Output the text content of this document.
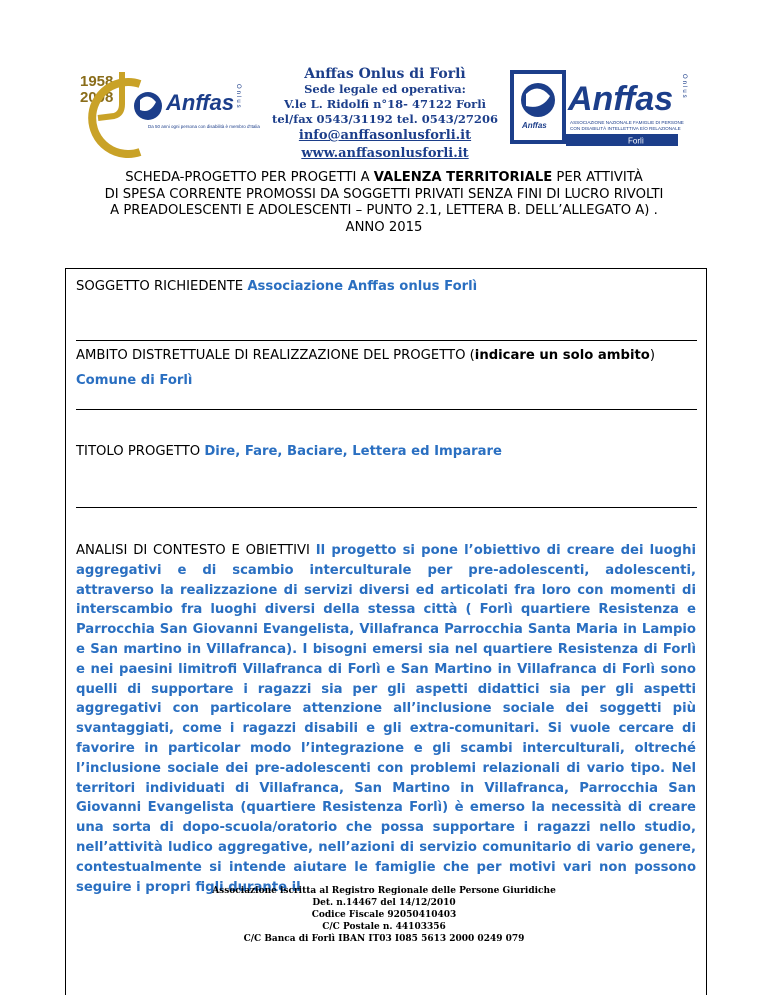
1958
2008 Anffas
Da 50 anni ogni persona con disabilità è membro d'Italia
Onlus
Anffas Onlus di Forlì
Sede legale ed operativa:
V.le L. Ridolfi n°18- 47122 Forlì
tel/fax 0543/31192 tel. 0543/27206
info@anffasonlusforli.it
www.anffasonlusforli.it
Anffas
Anffas Onlus
ASSOCIAZIONE NAZIONALE FAMIGLIE DI PERSONE
CON DISABILITÀ INTELLETTIVA E/O RELAZIONALE
Forlì
SCHEDA-PROGETTO PER PROGETTI A VALENZA TERRITORIALE PER ATTIVITÀ
DI SPESA CORRENTE PROMOSSI DA SOGGETTI PRIVATI SENZA FINI DI LUCRO RIVOLTI
A PREADOLESCENTI E ADOLESCENTI – PUNTO 2.1, LETTERA B. DELL’ALLEGATO A) .
ANNO 2015
SOGGETTO RICHIEDENTE Associazione Anffas onlus Forlì
AMBITO DISTRETTUALE DI REALIZZAZIONE DEL PROGETTO (indicare un solo ambito)
Comune di Forlì
TITOLO PROGETTO Dire, Fare, Baciare, Lettera ed Imparare
ANALISI DI CONTESTO E OBIETTIVI Il progetto si pone l’obiettivo di creare dei luoghi aggregativi e di scambio interculturale per pre-adolescenti, adolescenti, attraverso la realizzazione di servizi diversi ed articolati fra loro con momenti di interscambio fra luoghi diversi della stessa città ( Forlì quartiere Resistenza e Parrocchia San Giovanni Evangelista, Villafranca Parrocchia Santa Maria in Lampio e San martino in Villafranca). I bisogni emersi sia nel quartiere Resistenza di Forlì e nei paesini limitrofi Villafranca di Forlì e San Martino in Villafranca di Forlì sono quelli di supportare i ragazzi sia per gli aspetti didattici sia per gli aspetti aggregativi con particolare attenzione all’inclusione sociale dei soggetti più svantaggiati, come i ragazzi disabili e gli extra-comunitari. Si vuole cercare di favorire in particolar modo l’integrazione e gli scambi interculturali, oltreché l’inclusione sociale dei pre-adolescenti con problemi relazionali di vario tipo. Nel territori individuati di Villafranca, San Martino in Villafranca, Parrocchia San Giovanni Evangelista (quartiere Resistenza Forlì) è emerso la necessità di creare una sorta di dopo-scuola/oratorio che possa supportare i ragazzi nello studio, nell’attività ludico aggregative, nell’azioni di servizio comunitario di vario genere, contestualmente si intende aiutare le famiglie che per motivi vari non possono seguire i propri figli durante il
Associazione iscritta al Registro Regionale delle Persone Giuridiche
Det. n.14467 del 14/12/2010
Codice Fiscale 92050410403
C/C Postale n. 44103356
C/C Banca di Forlì IBAN IT03 I085 5613 2000 0249 079
